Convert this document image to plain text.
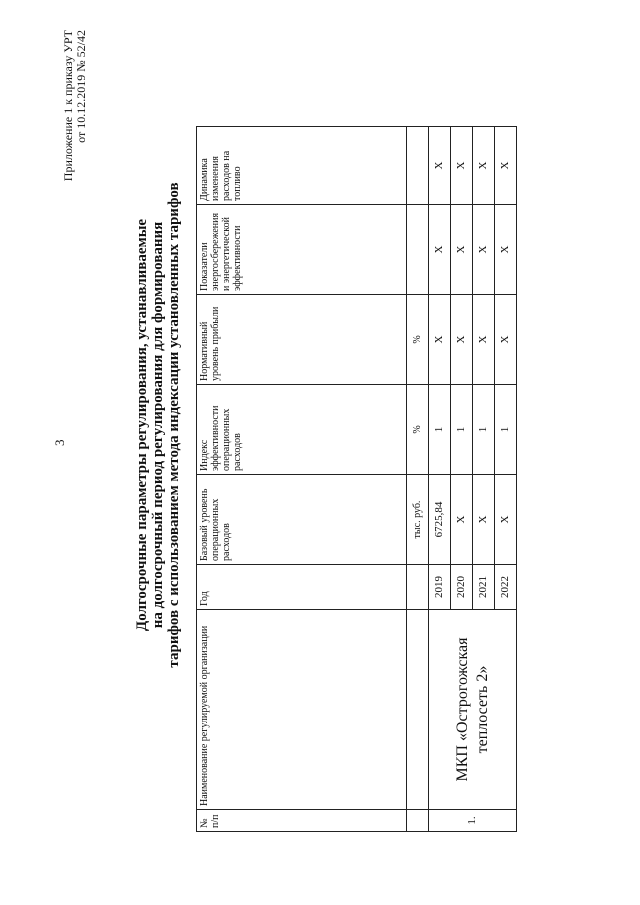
3
Приложение 1 к приказу УРТ от 10.12.2019 № 52/42
Долгосрочные параметры регулирования, устанавливаемые на долгосрочный период регулирования для формирования тарифов с использованием метода индексации установленных тарифов
№ п/п	Наименование регулируемой организации	Год	Базовый уровень операционных расходов	Индекс эффективности операционных расходов	Нормативный уровень прибыли	Показатели энергосбережения и энергетической эффективности	Динамика изменения расходов на топливо
			тыс. руб.	%	%		
1.	МКП «Острогожская теплосеть 2»	2019	6725,84	1	Х	Х	Х
		2020	Х	1	Х	Х	Х
		2021	Х	1	Х	Х	Х
		2022	Х	1	Х	Х	Х
